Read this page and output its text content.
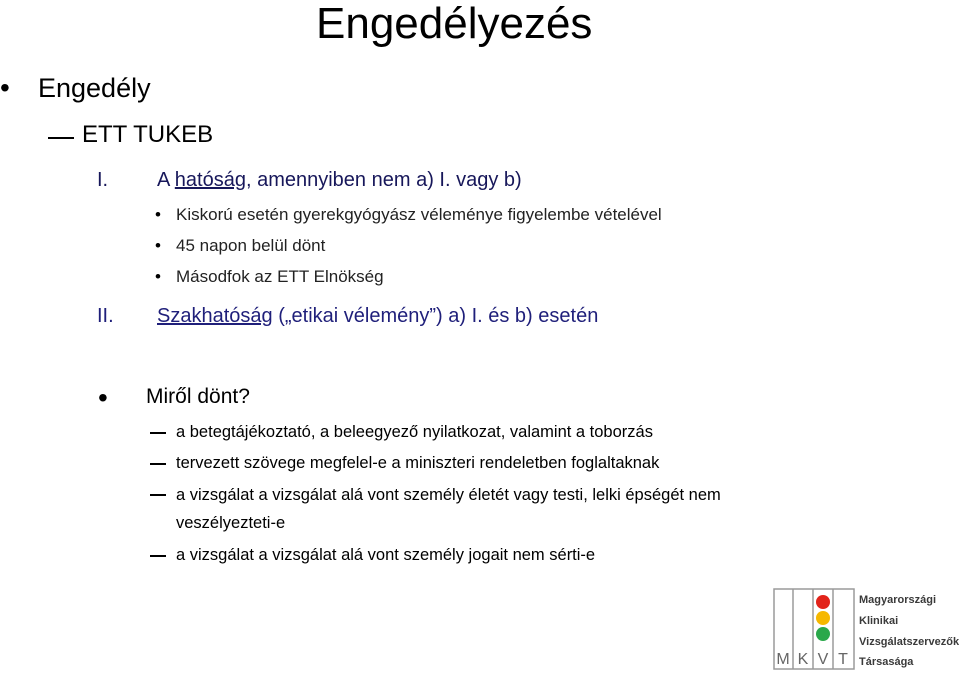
Engedélyezés
• Engedély
ETT TUKEB
I. A hatóság, amennyiben nem a) I. vagy b)
• Kiskorú esetén gyerekgyógyász véleménye figyelembe vételével
• 45 napon belül dönt
• Másodfok az ETT Elnökség
II. Szakhatóság („etikai vélemény”) a) I. és b) esetén
• Miről dönt?
a betegtájékoztató, a beleegyező nyilatkozat, valamint a toborzás
tervezett szövege megfelel-e a miniszteri rendeletben foglaltaknak
a vizsgálat a vizsgálat alá vont személy életét vagy testi, lelki épségét nem
veszélyezteti-e
a vizsgálat a vizsgálat alá vont személy jogait nem sérti-e
M K V T
Magyarországi
Klinikai
Vizsgálatszervezők
Társasága
